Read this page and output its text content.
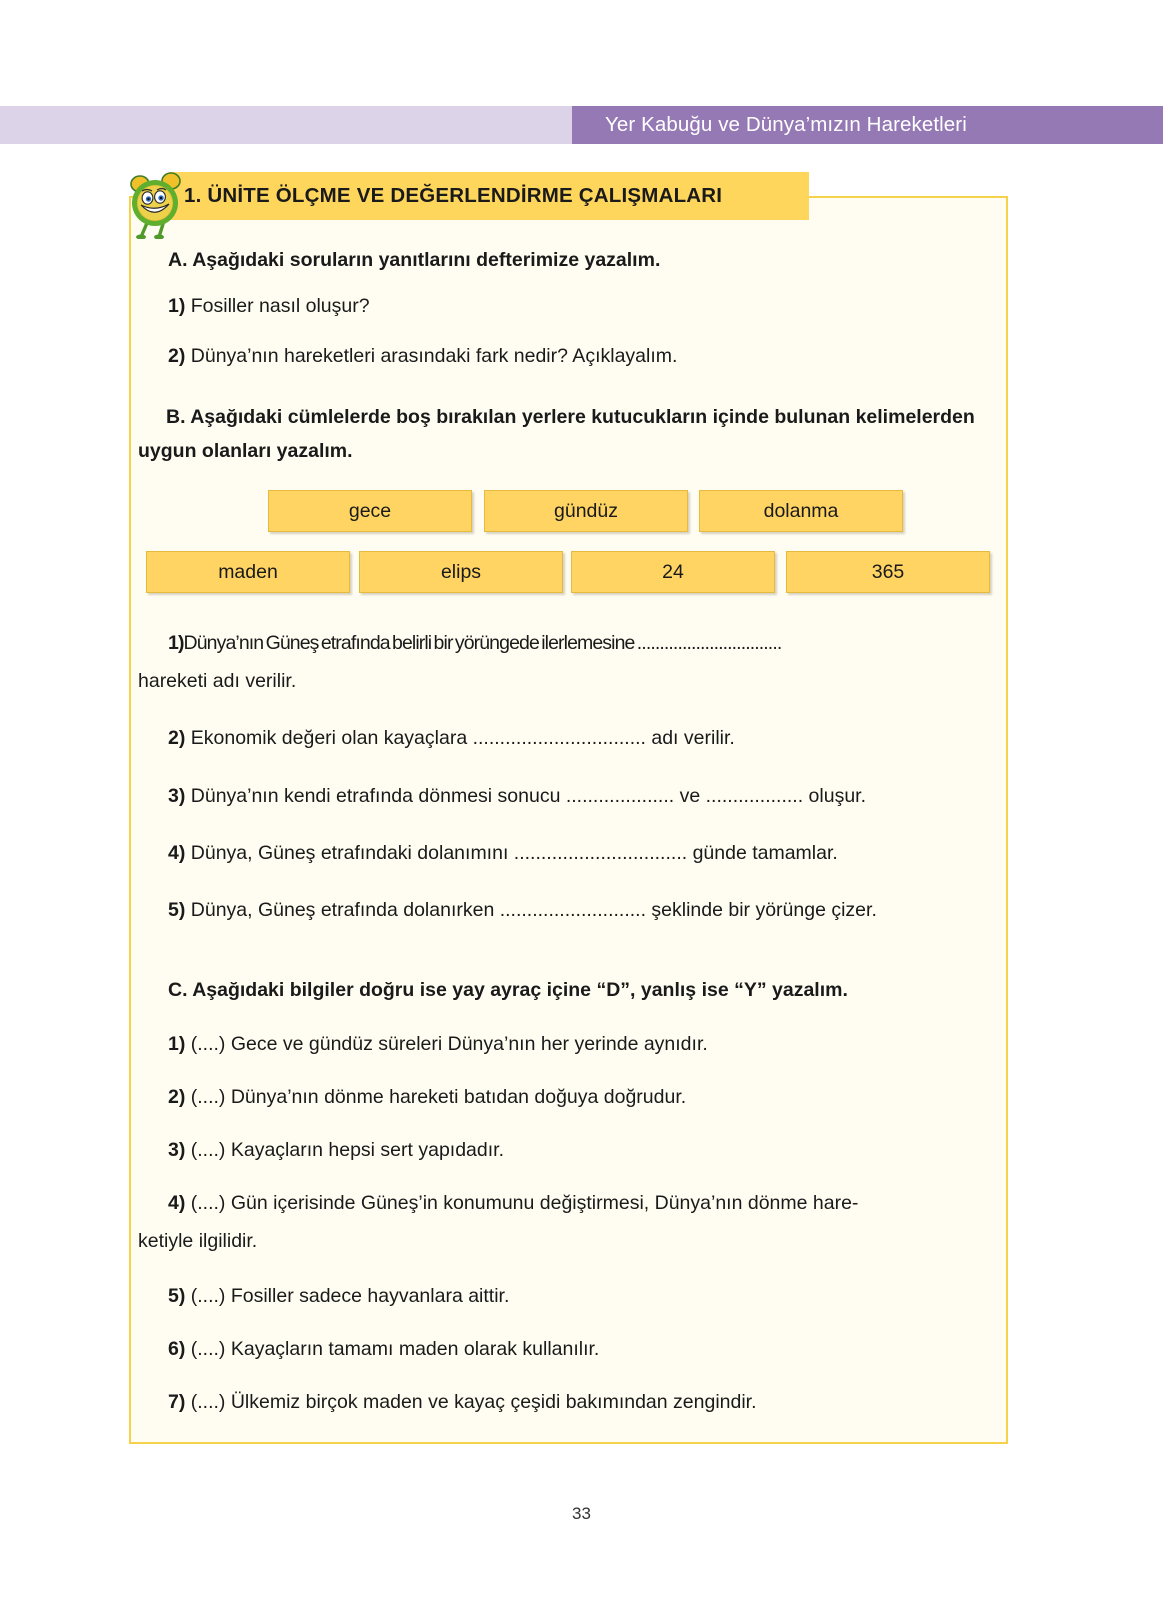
Yer Kabuğu ve Dünya’mızın Hareketleri
1. ÜNİTE ÖLÇME VE DEĞERLENDİRME ÇALIŞMALARI
A. Aşağıdaki soruların yanıtlarını defterimize yazalım.
1) Fosiller nasıl oluşur?
2) Dünya’nın hareketleri arasındaki fark nedir? Açıklayalım.
B. Aşağıdaki cümlelerde boş bırakılan yerlere kutucukların içinde bulunan kelimelerden uygun olanları yazalım.
gece	gündüz	dolanma
maden	elips	24	365
1)Dünya’nın Güneş etrafında belirli bir yörüngede ilerlemesine ................................
hareketi adı verilir.
2) Ekonomik değeri olan kayaçlara ................................ adı verilir.
3) Dünya’nın kendi etrafında dönmesi sonucu .................... ve .................. oluşur.
4) Dünya, Güneş etrafındaki dolanımını ................................ günde tamamlar.
5) Dünya, Güneş etrafında dolanırken ........................... şeklinde bir yörünge çizer.
C. Aşağıdaki bilgiler doğru ise yay ayraç içine “D”, yanlış ise “Y” yazalım.
1) (....) Gece ve gündüz süreleri Dünya’nın her yerinde aynıdır.
2) (....) Dünya’nın dönme hareketi batıdan doğuya doğrudur.
3) (....) Kayaçların hepsi sert yapıdadır.
4) (....) Gün içerisinde Güneş’in konumunu değiştirmesi, Dünya’nın dönme hare-
ketiyle ilgilidir.
5) (....) Fosiller sadece hayvanlara aittir.
6) (....) Kayaçların tamamı maden olarak kullanılır.
7) (....) Ülkemiz birçok maden ve kayaç çeşidi bakımından zengindir.
33
